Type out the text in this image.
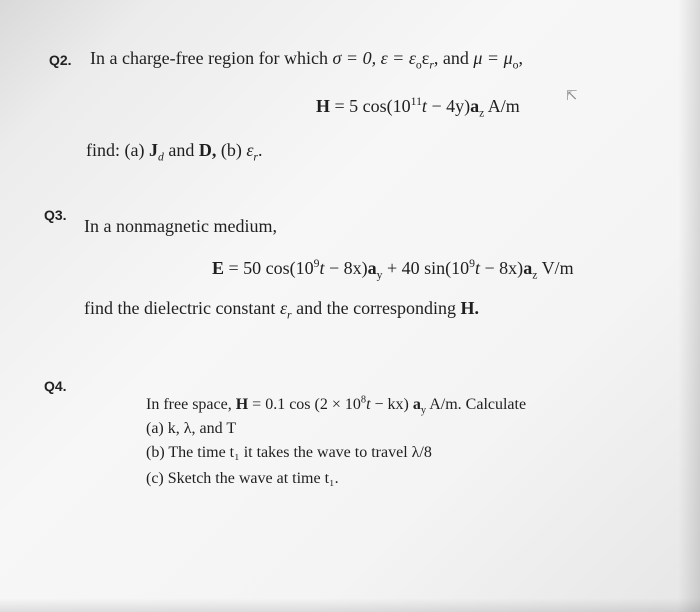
Q2. In a charge-free region for which σ = 0, $\varepsilon = \varepsilon_o\varepsilon_r$, and $\mu = \mu_o$,
H = 5 $\cos(10^{11}t - 4y)a_z$ A/m	⇱
find: (a) $J_d$ and D, (b) $\varepsilon_r$.
Q3.
In a nonmagnetic medium,
E = 50 $\cos(10^9t - 8x)a_y + 40$ $\sin(10^9t - 8x)a_z$ V/m
find the dielectric constant $\varepsilon_r$ and the corresponding H.
Q4.
In free space, H = 0.1 $\cos (2 \times 10^8t - kx)$ $a_y$ A/m. Calculate
(a) k, λ, and T
(b) The time t₁ it takes the wave to travel λ/8
(c) Sketch the wave at time t₁.
